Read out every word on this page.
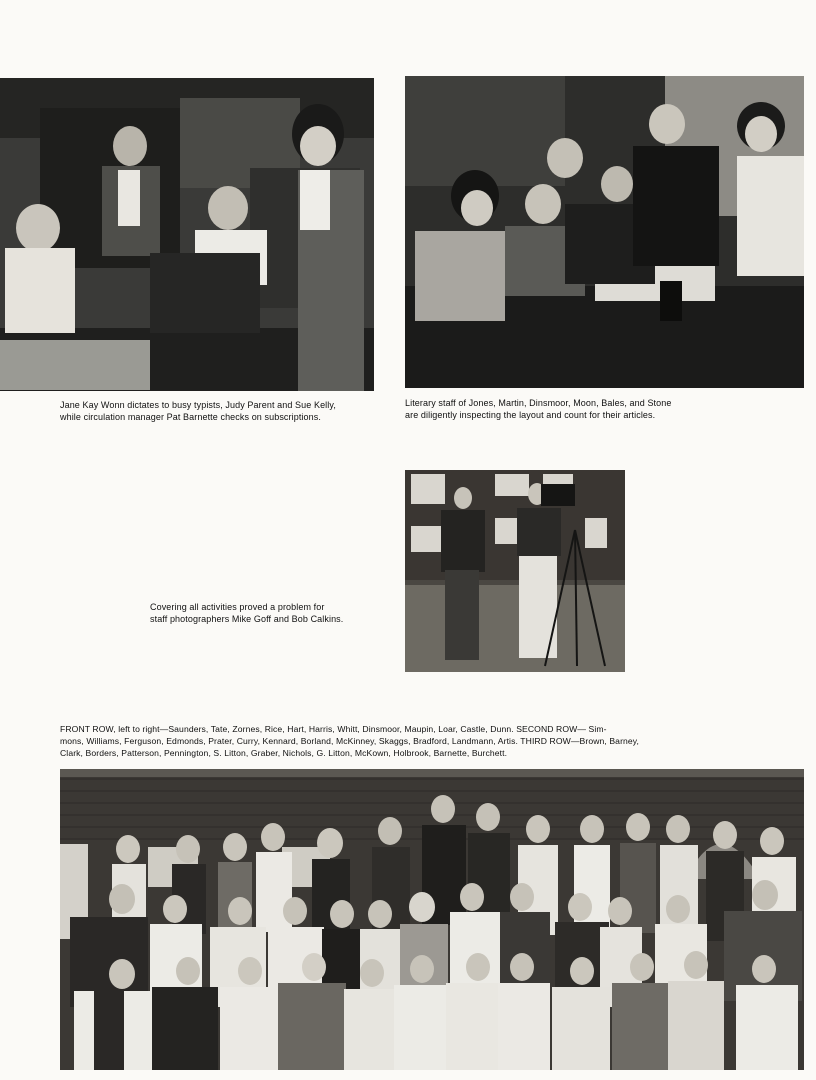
Jane Kay Wonn dictates to busy typists, Judy Parent and Sue Kelly,
while circulation manager Pat Barnette checks on subscriptions.
Literary staff of Jones, Martin, Dinsmoor, Moon, Bales, and Stone
are diligently inspecting the layout and count for their articles.
Covering all activities proved a problem for
staff photographers Mike Goff and Bob Calkins.
FRONT ROW, left to right—Saunders, Tate, Zornes, Rice, Hart, Harris, Whitt, Dinsmoor, Maupin, Loar, Castle, Dunn. SECOND ROW— Sim-
mons, Williams, Ferguson, Edmonds, Prater, Curry, Kennard, Borland, McKinney, Skaggs, Bradford, Landmann, Artis. THIRD ROW—Brown, Barney,
Clark, Borders, Patterson, Pennington, S. Litton, Graber, Nichols, G. Litton, McKown, Holbrook, Barnette, Burchett.
